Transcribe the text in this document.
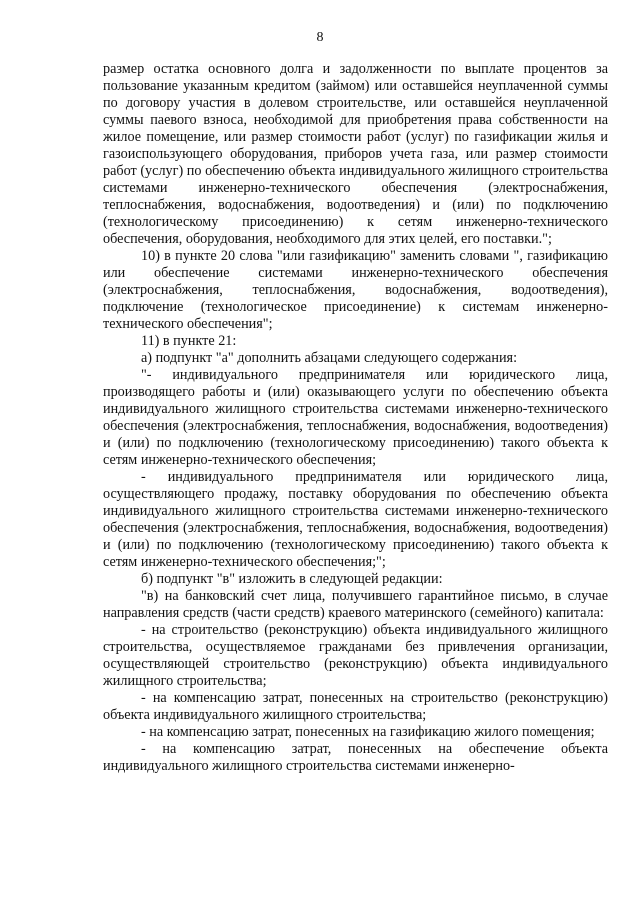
8

размер остатка основного долга и задолженности по выплате процентов за пользование указанным кредитом (займом) или оставшейся неуплаченной суммы по договору участия в долевом строительстве, или оставшейся неуплаченной суммы паевого взноса, необходимой для приобретения права собственности на жилое помещение, или размер стоимости работ (услуг) по газификации жилья и газоиспользующего оборудования, приборов учета газа, или размер стоимости работ (услуг) по обеспечению объекта индивидуального жилищного строительства системами инженерно-технического обеспечения (электроснабжения, теплоснабжения, водоснабжения, водоотведения) и (или) по подключению (технологическому присоединению) к сетям инженерно-технического обеспечения, оборудования, необходимого для этих целей, его поставки.";

10) в пункте 20 слова "или газификацию" заменить словами ", газификацию или обеспечение системами инженерно-технического обеспечения (электроснабжения, теплоснабжения, водоснабжения, водоотведения), подключение (технологическое присоединение) к системам инженерно-технического обеспечения";

11) в пункте 21:

а) подпункт "а" дополнить абзацами следующего содержания:

"- индивидуального предпринимателя или юридического лица, производящего работы и (или) оказывающего услуги по обеспечению объекта индивидуального жилищного строительства системами инженерно-технического обеспечения (электроснабжения, теплоснабжения, водоснабжения, водоотведения) и (или) по подключению (технологическому присоединению) такого объекта к сетям инженерно-технического обеспечения;

- индивидуального предпринимателя или юридического лица, осуществляющего продажу, поставку оборудования по обеспечению объекта индивидуального жилищного строительства системами инженерно-технического обеспечения (электроснабжения, теплоснабжения, водоснабжения, водоотведения) и (или) по подключению (технологическому присоединению) такого объекта к сетям инженерно-технического обеспечения;";

б) подпункт "в" изложить в следующей редакции:

"в) на банковский счет лица, получившего гарантийное письмо, в случае направления средств (части средств) краевого материнского (семейного) капитала:

- на строительство (реконструкцию) объекта индивидуального жилищного строительства, осуществляемое гражданами без привлечения организации, осуществляющей строительство (реконструкцию) объекта индивидуального жилищного строительства;

- на компенсацию затрат, понесенных на строительство (реконструкцию) объекта индивидуального жилищного строительства;

- на компенсацию затрат, понесенных на газификацию жилого помещения;

- на компенсацию затрат, понесенных на обеспечение объекта индивидуального жилищного строительства системами инженерно-
